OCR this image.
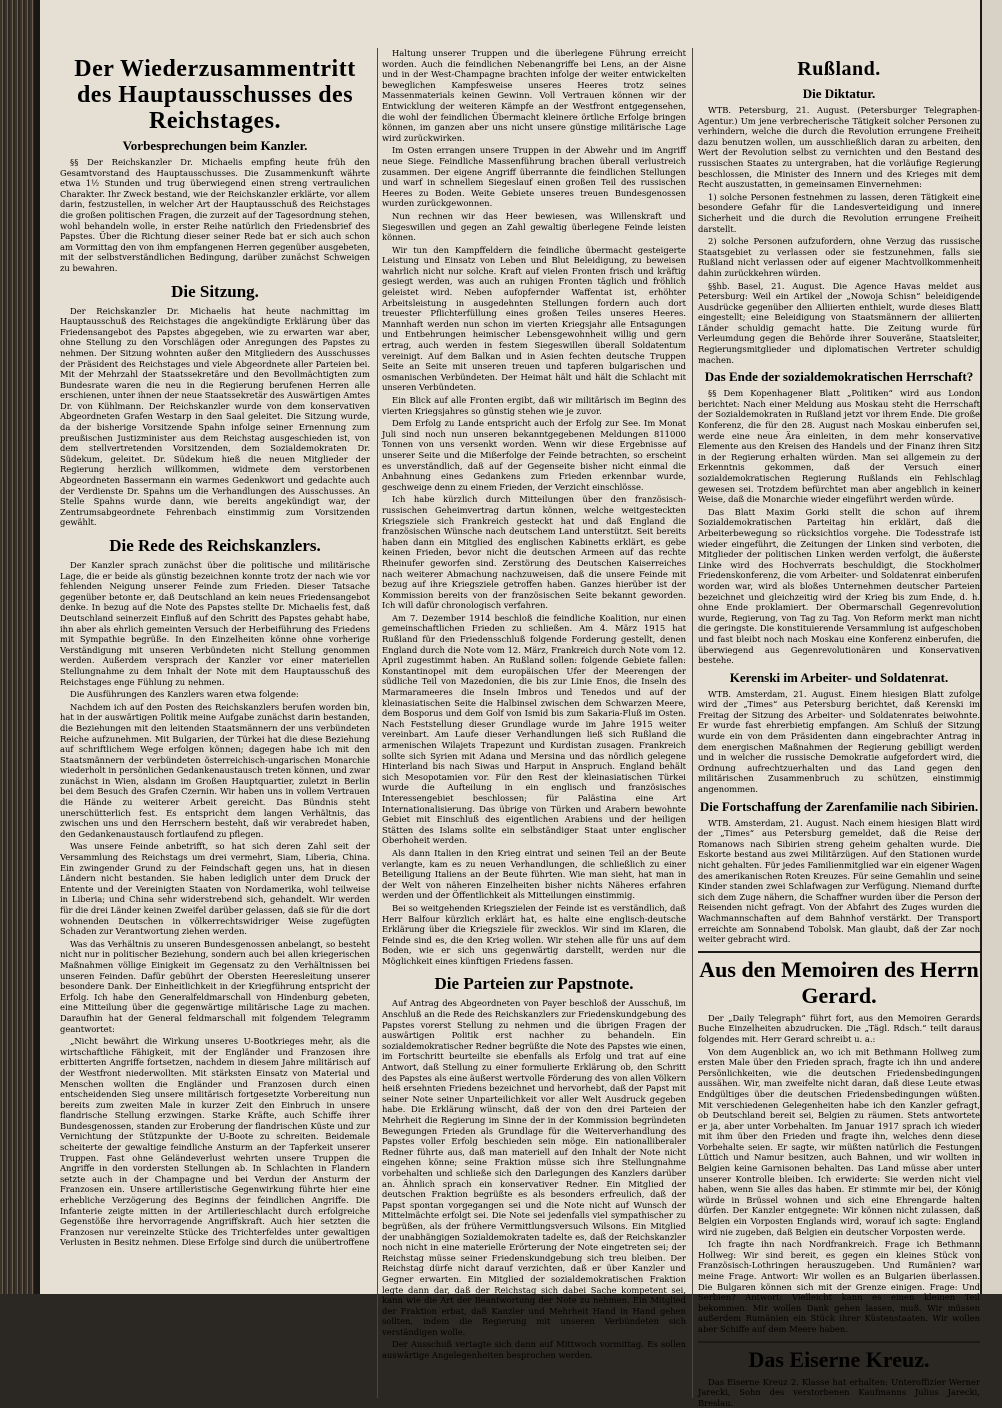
Der Wiederzusammentritt des Hauptausschusses des Reichstages.
Vorbesprechungen beim Kanzler.

§§ Der Reichskanzler Dr. Michaelis empfing heute früh den Gesamtvorstand des Hauptausschusses. Die Zusammenkunft währte etwa 1½ Stunden und trug überwiegend einen streng vertraulichen Charakter. Ihr Zweck bestand, wie der Reichskanzler erklärte, vor allem darin, festzustellen, in welcher Art der Hauptausschuß des Reichstages die großen politischen Fragen, die zurzeit auf der Tagesordnung stehen, wohl behandeln wolle, in erster Reihe natürlich den Friedensbrief des Papstes. Über die Richtung dieser seiner Rede bat er sich auch schon am Vormittag den von ihm empfangenen Herren gegenüber ausgebeten, mit der selbstverständlichen Bedingung, darüber zunächst Schweigen zu bewahren.

Die Sitzung.

Der Reichskanzler Dr. Michaelis hat heute nachmittag im Hauptausschuß des Reichstages die angekündigte Erklärung über das Friedensangebot des Papstes abgegeben, wie zu erwarten war aber, ohne Stellung zu den Vorschlägen oder Anregungen des Papstes zu nehmen. Der Sitzung wohnten außer den Mitgliedern des Ausschusses der Präsident des Reichstages und viele Abgeordnete aller Parteien bei. Mit der Mehrzahl der Staatssekretäre und den Bevollmächtigten zum Bundesrate waren die neu in die Regierung berufenen Herren alle erschienen, unter ihnen der neue Staatssekretär des Auswärtigen Amtes Dr. von Kühlmann. Der Reichskanzler wurde von dem konservativen Abgeordneten Grafen Westarp in den Saal geleitet. Die Sitzung wurde, da der bisherige Vorsitzende Spahn infolge seiner Ernennung zum preußischen Justizminister aus dem Reichstag ausgeschieden ist, von dem stellvertretenden Vorsitzenden, dem Sozialdemokraten Dr. Südekum, geleitet. Dr. Südekum hieß die neuen Mitglieder der Regierung herzlich willkommen, widmete dem verstorbenen Abgeordneten Bassermann ein warmes Gedenkwort und gedachte auch der Verdienste Dr. Spahns um die Verhandlungen des Ausschusses. An Stelle Spahns wurde dann, wie bereits angekündigt war, der Zentrumsabgeordnete Fehrenbach einstimmig zum Vorsitzenden gewählt.

Die Rede des Reichskanzlers.

Der Kanzler sprach zunächst über die politische und militärische Lage, die er beide als günstig bezeichnen konnte trotz der nach wie vor fehlenden Neigung unserer Feinde zum Frieden. Dieser Tatsache gegenüber betonte er, daß Deutschland an kein neues Friedensangebot denke. In bezug auf die Note des Papstes stellte Dr. Michaelis fest, daß Deutschland seinerzeit Einfluß auf den Schritt des Papstes gehabt habe, ihn aber als ehrlich gemeinten Versuch der Herbeiführung des Friedens mit Sympathie begrüße. In den Einzelheiten könne ohne vorherige Verständigung mit unseren Verbündeten nicht Stellung genommen werden. Außerdem versprach der Kanzler vor einer materiellen Stellungnahme zu dem Inhalt der Note mit dem Hauptausschuß des Reichstages enge Fühlung zu nehmen.

Die Ausführungen des Kanzlers waren etwa folgende:

Nachdem ich auf den Posten des Reichskanzlers berufen worden bin, hat in der auswärtigen Politik meine Aufgabe zunächst darin bestanden, die Beziehungen mit den leitenden Staatsmännern der uns verbündeten Reiche aufzunehmen. Mit Bulgarien, der Türkei hat die diese Beziehung auf schriftlichem Wege erfolgen können; dagegen habe ich mit den Staatsmännern der verbündeten österreichisch-ungarischen Monarchie wiederholt in persönlichen Gedankenaustausch treten können, und zwar zunächst in Wien, alsdann im Großen Hauptquartier, zuletzt in Berlin bei dem Besuch des Grafen Czernin. Wir haben uns in vollem Vertrauen die Hände zu weiterer Arbeit gereicht. Das Bündnis steht unerschütterlich fest. Es entspricht dem langen Verhältnis, das zwischen uns und den Herrschern besteht, daß wir verabredet haben, den Gedankenaustausch fortlaufend zu pflegen.

Was unsere Feinde anbetrifft, so hat sich deren Zahl seit der Versammlung des Reichstags um drei vermehrt, Siam, Liberia, China. Ein zwingender Grund zu der Feindschaft gegen uns, hat in diesen Ländern nicht bestanden. Sie haben lediglich unter dem Druck der Entente und der Vereinigten Staaten von Nordamerika, wohl teilweise in Liberia; und China sehr widerstrebend sich, gehandelt. Wir werden für die drei Länder keinen Zweifel darüber gelassen, daß sie für die dort wohnenden Deutschen in völkerrechtswidriger Weise zugefügten Schaden zur Verantwortung ziehen werden.

Was das Verhältnis zu unseren Bundesgenossen anbelangt, so besteht nicht nur in politischer Beziehung, sondern auch bei allen kriegerischen Maßnahmen völlige Einigkeit im Gegensatz zu den Verhältnissen bei unseren Feinden. Dafür gebührt der Obersten Heeresleitung unserer besondere Dank. Der Einheitlichkeit in der Kriegführung entspricht der Erfolg. Ich habe den Generalfeldmarschall von Hindenburg gebeten, eine Mitteilung über die gegenwärtige militärische Lage zu machen. Daraufhin hat der General feldmarschall mit folgendem Telegramm geantwortet:

„Nicht bewährt die Wirkung unseres U-Bootkrieges mehr, als die wirtschaftliche Fähigkeit, mit der Engländer und Franzosen ihre erbitterten Angriffe fortsetzen, nachdem in diesem Jahre militärisch auf der Westfront niederwollten. Mit stärksten Einsatz von Material und Menschen wollten die Engländer und Franzosen durch einen entscheidenden Sieg unsere militärisch fortgesetzte Vorbereitung nun bereits zum zweiten Male in kurzer Zeit den Einbruch in unsere flandrische Stellung erzwingen. Starke Kräfte, auch Schiffe ihrer Bundesgenossen, standen zur Eroberung der flandrischen Küste und zur Vernichtung der Stützpunkte der U-Boote zu schreiten. Beidemale scheiterte der gewaltige feindliche Ansturm an der Tapferkeit unserer Truppen. Fast ohne Geländeverlust wehrten unsere Truppen die Angriffe in den vordersten Stellungen ab. In Schlachten in Flandern setzte auch in der Champagne und bei Verdun der Ansturm der Franzosen ein. Unsere artilleristische Gegenwirkung führte hier eine erhebliche Verzögerung des Beginns der feindlichen Angriffe. Die Infanterie zeigte mitten in der Artillerieschlacht durch erfolgreiche Gegenstöße ihre hervorragende Angriffskraft. Auch hier setzten die Franzosen nur vereinzelte Stücke des Trichterfeldes unter gewaltigen Verlusten in Besitz nehmen. Diese Erfolge sind durch die unübertroffene

Haltung unserer Truppen und die überlegene Führung erreicht worden. Auch die feindlichen Nebenangriffe bei Lens, an der Aisne und in der West-Champagne brachten infolge der weiter entwickelten beweglichen Kampfesweise unseres Heeres trotz seines Massenmaterials keinen Gewinn. Voll Vertrauen können wir der Entwicklung der weiteren Kämpfe an der Westfront entgegensehen, die wohl der feindlichen Übermacht kleinere örtliche Erfolge bringen können, im ganzen aber uns nicht unsere günstige militärische Lage wird zurückwirken.

Im Osten errangen unsere Truppen in der Abwehr und im Angriff neue Siege. Feindliche Massenführung brachen überall verlustreich zusammen. Der eigene Angriff überrannte die feindlichen Stellungen und warf in schnellem Siegeslauf einen großen Teil des russischen Heeres zu Boden. Weite Gebiete unseres treuen Bundesgenossen wurden zurückgewonnen.

Nun rechnen wir das Heer bewiesen, was Willenskraft und Siegeswillen und gegen an Zahl gewaltig überlegene Feinde leisten können.

Wir tun den Kampffeldern die feindliche übermacht gesteigerte Leistung und Einsatz von Leben und Blut Beleidigung, zu beweisen wahrlich nicht nur solche. Kraft auf vielen Fronten frisch und kräftig gesiegt werden, was auch an ruhigen Fronten täglich und fröhlich geleistet wird. Neben aufopfernder Waffentat ist, erhöhter Arbeitsleistung in ausgedehnten Stellungen fordern auch dort treuester Pflichterfüllung eines großen Teiles unseres Heeres. Mannhaft werden nun schon im vierten Kriegsjahr alle Entsagungen und Entbehrungen heimischer Lebensgewohnheit willig und gern ertrag, auch werden in festem Siegeswillen überall Soldatentum vereinigt. Auf dem Balkan und in Asien fechten deutsche Truppen Seite an Seite mit unseren treuen und tapferen bulgarischen und osmanischen Verbündeten. Der Heimat hält und hält die Schlacht mit unseren Verbündeten.

Ein Blick auf alle Fronten ergibt, daß wir militärisch im Beginn des vierten Kriegsjahres so günstig stehen wie je zuvor.

Dem Erfolg zu Lande entspricht auch der Erfolg zur See. Im Monat Juli sind noch nun unseren bekanntgegebenen Meldungen 811000 Tonnen von uns versenkt worden. Wenn wir diese Ergebnisse auf unserer Seite und die Mißerfolge der Feinde betrachten, so erscheint es unverständlich, daß auf der Gegenseite bisher nicht einmal die Anbahnung eines Gedankens zum Frieden erkennbar wurde, geschweige denn zu einem Frieden, der Verzicht einschlösse.

Ich habe kürzlich durch Mitteilungen über den französisch-russischen Geheimvertrag dartun können, welche weitgesteckten Kriegsziele sich Frankreich gesteckt hat und daß England die französischen Wünsche nach deutschem Land unterstützt. Seit bereits haben dann ein Mitglied des englischen Kabinetts erklärt, es gebe keinen Frieden, bevor nicht die deutschen Armeen auf das rechte Rheinufer geworfen sind. Zerstörung des Deutschen Kaiserreiches nach weiterer Abmachung nachzuweisen, daß die unsere Feinde mit bezug auf ihre Kriegsziele getroffen haben. Ganzes hierüber ist der Kommission bereits von der französischen Seite bekannt geworden. Ich will dafür chronologisch verfahren.

Am 7. Dezember 1914 beschloß die feindliche Koalition, nur einen gemeinschaftlichen Frieden zu schließen. Am 4. März 1915 hat Rußland für den Friedensschluß folgende Forderung gestellt, denen England durch die Note vom 12. März, Frankreich durch Note vom 12. April zugestimmt haben. An Rußland sollen: folgende Gebiete fallen: Konstantinopel mit dem europäischen Ufer der Meerengen der südliche Teil von Mazedonien, die bis zur Linie Enos, die Inseln des Marmarameeres die Inseln Imbros und Tenedos und auf der kleinasiatischen Seite die Halbinsel zwischen dem Schwarzen Meere, dem Bosporus und dem Golf von Ismid bis zum Sakaria-Fluß im Osten. Nach Feststellung dieser Grundlage wurde im Jahre 1915 weiter vereinbart. Am Laufe dieser Verhandlungen ließ sich Rußland die armenischen Wilajets Trapezunt und Kurdistan zusagen. Frankreich sollte sich Syrien mit Adana und Mersina und das nördlich gelegene Hinterland bis nach Siwas und Harput in Anspruch. England behält sich Mesopotamien vor. Für den Rest der kleinasiatischen Türkei wurde die Aufteilung in ein englisch und französisches Interessengebiet beschlossen; für Palästina eine Art Internationalisierung. Das übrige von Türken und Arabern bewohnte Gebiet mit Einschluß des eigentlichen Arabiens und der heiligen Stätten des Islams sollte ein selbständiger Staat unter englischer Oberhoheit werden.

Als dann Italien in den Krieg eintrat und seinen Teil an der Beute verlangte, kam es zu neuen Verhandlungen, die schließlich zu einer Beteiligung Italiens an der Beute führten. Wie man sieht, hat man in der Welt von näheren Einzelheiten bisher nichts Näheres erfahren werden und der Öffentlichkeit als Mitteilungen einstimmig.

Bei so weitgehenden Kriegszielen der Feinde ist es verständlich, daß Herr Balfour kürzlich erklärt hat, es halte eine englisch-deutsche Erklärung über die Kriegsziele für zwecklos. Wir sind im Klaren, die Feinde sind es, die den Krieg wollen. Wir stehen alle für uns auf dem Boden, wie er sich uns gegenwärtig darstellt, werden nur die Möglichkeit eines künftigen Friedens fassen.

Die Parteien zur Papstnote.

Auf Antrag des Abgeordneten von Payer beschloß der Ausschuß, im Anschluß an die Rede des Reichskanzlers zur Friedenskundgebung des Papstes vorerst Stellung zu nehmen und die übrigen Fragen der auswärtigen Politik erst nachher zu behandeln. Ein sozialdemokratischer Redner begrüßte die Note des Papstes wie einen, im Fortschritt beurteilte sie ebenfalls als Erfolg und trat auf eine Antwort, daß Stellung zu einer formulierte Erklärung ob, den Schritt des Papstes als eine äußerst wertvolle Förderung des von allen Völkern heiß ersehnten Friedens bezeichnet und hervorhebt, daß der Papst mit seiner Note seiner Unparteilichkeit vor aller Welt Ausdruck gegeben habe. Die Erklärung wünscht, daß der von den drei Parteien der Mehrheit die Regierung im Sinne der in der Kommission begründeten Bewegungen Frieden als Grundlage für die Weiterverhandlung des Papstes voller Erfolg beschieden sein möge. Ein nationalliberaler Redner führte aus, daß man materiell auf den Inhalt der Note nicht eingehen könne; seine Fraktion müsse sich ihre Stellungnahme vorbehalten und schließe sich den Darlegungen des Kanzlers darüber an. Ähnlich sprach ein konservativer Redner. Ein Mitglied der deutschen Fraktion begrüßte es als besonders erfreulich, daß der Papst spontan vorgegangen sei und die Note nicht auf Wunsch der Mittelmächte erfolgt sei. Die Note sei jedenfalls viel sympathischer zu begrüßen, als der frühere Vermittlungsversuch Wilsons. Ein Mitglied der unabhängigen Sozialdemokraten tadelte es, daß der Reichskanzler noch nicht in eine materielle Erörterung der Note eingetreten sei; der Reichstag müsse seiner Friedenskundgebung sich treu bleiben. Der Reichstag dürfe nicht darauf verzichten, daß er über Kanzler und Gegner erwarten. Ein Mitglied der sozialdemokratischen Fraktion legte dann dar, daß der Reichstag sich dabei Sache kompetent sei, kann wie die Art der Beantwortung der Note zu nehmen. Ein Mitglied der Fraktion erbat, daß Kanzler und Mehrheit Hand in Hand gehen sollten, indem die Regierung mit unseren Verbündeten sich verständigen wolle.

Der Ausschuß vertagte sich dann auf Mittwoch vormittag. Es sollen auswärtige Angelegenheiten besprochen werden.

Rußland.
Die Diktatur.

WTB. Petersburg, 21. August. (Petersburger Telegraphen-Agentur.) Um jene verbrecherische Tätigkeit solcher Personen zu verhindern, welche die durch die Revolution errungene Freiheit dazu benutzen wollen, um ausschließlich daran zu arbeiten, den Wert der Revolution selbst zu vernichten und den Bestand des russischen Staates zu untergraben, hat die vorläufige Regierung beschlossen, die Minister des Innern und des Krieges mit dem Recht auszustatten, in gemeinsamen Einvernehmen:

1) solche Personen festnehmen zu lassen, deren Tätigkeit eine besondere Gefahr für die Landesverteidigung und innere Sicherheit und die durch die Revolution errungene Freiheit darstellt.

2) solche Personen aufzufordern, ohne Verzug das russische Staatsgebiet zu verlassen oder sie festzunehmen, falls sie Rußland nicht verlassen oder auf eigener Machtvollkommenheit dahin zurückkehren würden.

§§hb. Basel, 21. August. Die Agence Havas meldet aus Petersburg: Weil ein Artikel der „Nowoja Schisn“ beleidigende Ausdrücke gegenüber den Alliierten enthielt, wurde dieses Blatt eingestellt; eine Beleidigung von Staatsmännern der alliierten Länder schuldig gemacht hatte. Die Zeitung wurde für Verleumdung gegen die Behörde ihrer Souveräne, Staatsleiter, Regierungsmitglieder und diplomatischen Vertreter schuldig machen.

Das Ende der sozialdemokratischen Herrschaft?

§§ Dem Kopenhagener Blatt „Politiken“ wird aus London berichtet: Nach einer Meldung aus Moskau steht die Herrschaft der Sozialdemokraten in Rußland jetzt vor ihrem Ende. Die große Konferenz, die für den 28. August nach Moskau einberufen sei, werde eine neue Ära einleiten, in dem mehr konservative Elemente aus den Kreisen des Handels und der Finanz ihren Sitz in der Regierung erhalten würden. Man sei allgemein zu der Erkenntnis gekommen, daß der Versuch einer sozialdemokratischen Regierung Rußlands ein Fehlschlag gewesen sei. Trotzdem befürchtet man aber angeblich in keiner Weise, daß die Monarchie wieder eingeführt werden würde.

Das Blatt Maxim Gorki stellt die schon auf ihrem Sozialdemokratischen Parteitag hin erklärt, daß die Arbeiterbewegung so rücksichtlos vorgehe. Die Todesstrafe ist wieder eingeführt, die Zeitungen der Linken sind verboten, die Mitglieder der politischen Linken werden verfolgt, die äußerste Linke wird des Hochverrats beschuldigt, die Stockholmer Friedenskonferenz, die vom Arbeiter- und Soldatenrat einberufen worden war, wird als bloßes Unternehmen deutscher Parteien bezeichnet und gleichzeitig wird der Krieg bis zum Ende, d. h. ohne Ende proklamiert. Der Obermarschall Gegenrevolution wurde, Regierung, von Tag zu Tag. Von Reform merkt man nicht die geringste. Die konstituierende Versammlung ist aufgeschoben und fast bleibt noch nach Moskau eine Konferenz einberufen, die überwiegend aus Gegenrevolutionären und Konservativen bestehe.

Kerenski im Arbeiter- und Soldatenrat.

WTB. Amsterdam, 21. August. Einem hiesigen Blatt zufolge wird der „Times“ aus Petersburg berichtet, daß Kerenski im Freitag der Sitzung des Arbeiter- und Soldatenrates beiwohnte. Er wurde fast ehrerbietig empfangen. Am Schluß der Sitzung wurde ein von dem Präsidenten dann eingebrachter Antrag in dem energischen Maßnahmen der Regierung gebilligt werden und in welcher die russische Demokratie aufgefordert wird, die Ordnung aufrechtzuerhalten und das Land gegen den militärischen Zusammenbruch zu schützen, einstimmig angenommen.

Die Fortschaffung der Zarenfamilie nach Sibirien.

WTB. Amsterdam, 21. August. Nach einem hiesigen Blatt wird der „Times“ aus Petersburg gemeldet, daß die Reise der Romanows nach Sibirien streng geheim gehalten wurde. Die Eskorte bestand aus zwei Militärzügen. Auf den Stationen wurde nicht gehalten. Für jedes Familienmitglied war ein eigener Wagen des amerikanischen Roten Kreuzes. Für seine Gemahlin und seine Kinder standen zwei Schlafwagen zur Verfügung. Niemand durfte sich dem Zuge nähern, die Schaffner wurden über die Person der Reisenden nicht gefragt. Von der Abfahrt des Zuges wurden die Wachmannschaften auf dem Bahnhof verstärkt. Der Transport erreichte am Sonnabend Tobolsk. Man glaubt, daß der Zar noch weiter gebracht wird.

Aus den Memoiren des Herrn Gerard.

Der „Daily Telegraph“ führt fort, aus den Memoiren Gerards Buche Einzelheiten abzudrucken. Die „Tägl. Rdsch.“ teilt daraus folgendes mit. Herr Gerard schreibt u. a.:

Von dem Augenblick an, wo ich mit Bethmann Hollweg zum ersten Male über den Frieden sprach, fragte ich ihn und andere Persönlichkeiten, wie die deutschen Friedensbedingungen aussähen. Wir, man zweifelte nicht daran, daß diese Leute etwas Endgültiges über die deutschen Friedensbedingungen wüßten. Mit verschiedenen Gelegenheiten habe ich den Kanzler gefragt, ob Deutschland bereit sei, Belgien zu räumen. Stets antwortete er ja, aber unter Vorbehalten. Im Januar 1917 sprach ich wieder mit ihm über den Frieden und fragte ihn, welches denn diese Vorbehalte seien. Er sagte, wir müßten natürlich die Festungen Lüttich und Namur besitzen, auch Bahnen, und wir wollten in Belgien keine Garnisonen behalten. Das Land müsse aber unter unserer Kontrolle bleiben. Ich erwiderte: Sie werden nicht viel haben, wenn Sie alles das haben. Er stimmte mir bei, der König würde in Brüssel wohnen und sich eine Ehrengarde halten dürfen. Der Kanzler entgegnete: Wir können nicht zulassen, daß Belgien ein Vorposten Englands wird, worauf ich sagte: England wird nie zugeben, daß Belgien ein deutscher Vorposten werde.

Ich fragte ihn nach Nordfrankreich. Frage ich Bethmann Hollweg: Wir sind bereit, es gegen ein kleines Stück von Französisch-Lothringen herauszugeben. Und Rumänien? war meine Frage. Antwort: Wir wollen es an Bulgarien überlassen. Die Bulgaren können sich mit der Grenze einigen. Frage: Und Serbien? Antwort: Vielleicht kann es einen kleinen Teil bekommen. Mir wollen Dank gehen lassen, muß. Wir müssen außerdem Rumänien ein Stück ihrer Küstenstaaten. Wir wollen aber Schiffe auf dem Meere haben.

Das Eiserne Kreuz.

Das Eiserne Kreuz 2. Klasse hat erhalten: Unteroffizier Werner Jarecki, Sohn des verstorbenen Kaufmanns Julius Jarecki, Breslau.
